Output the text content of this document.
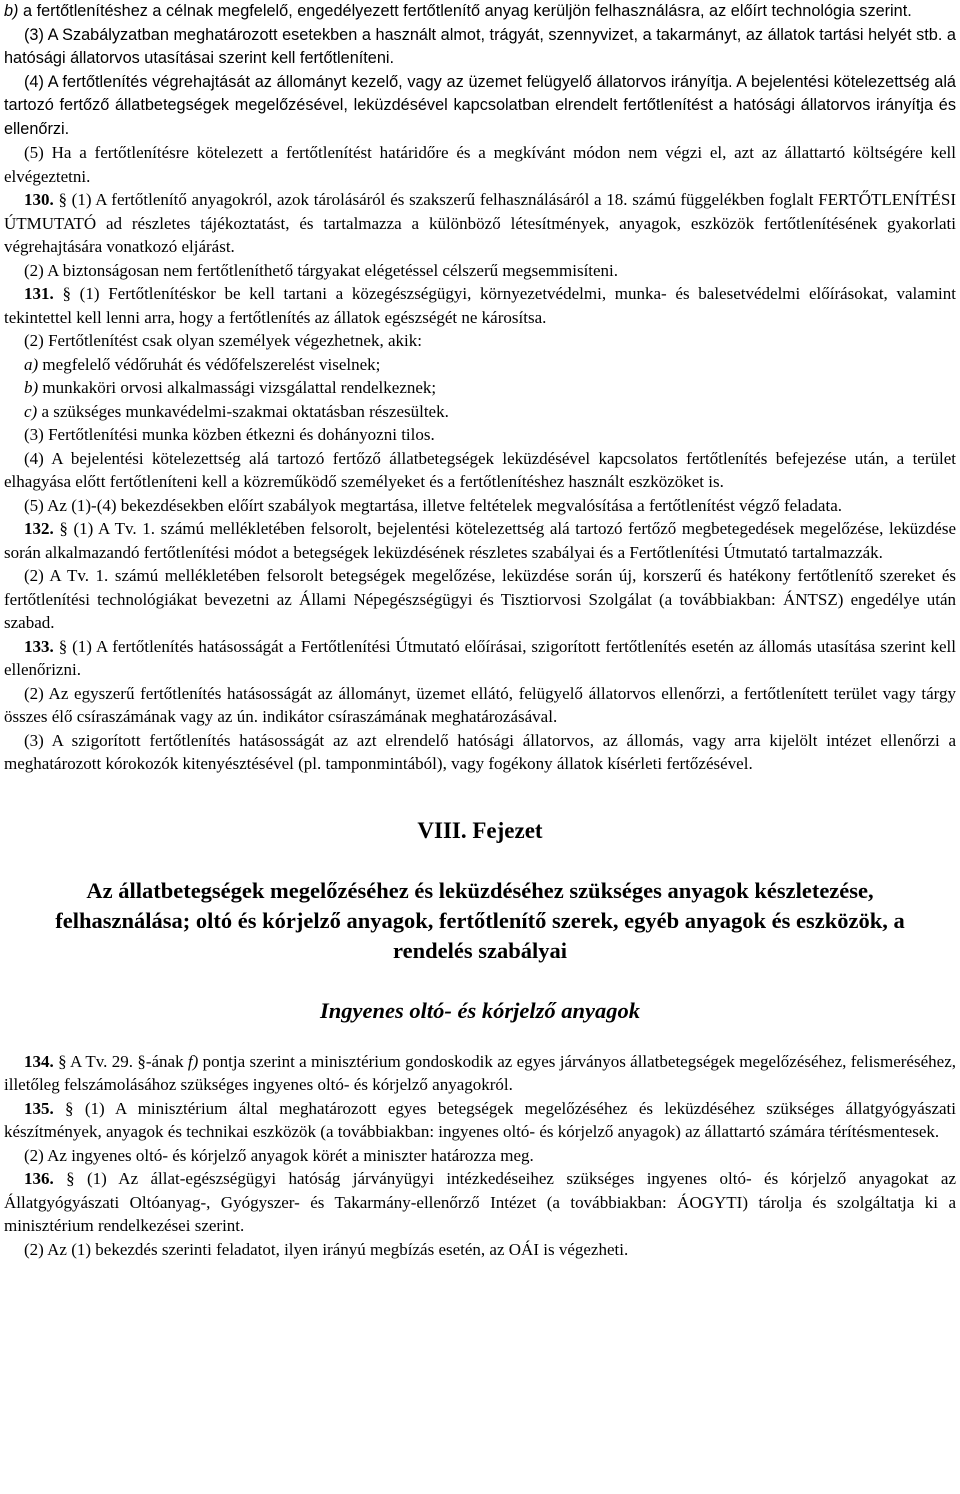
b) a fertőtlenítéshez a célnak megfelelő, engedélyezett fertőtlenítő anyag kerüljön felhasználásra, az előírt technológia szerint.

(3) A Szabályzatban meghatározott esetekben a használt almot, trágyát, szennyvizet, a takarmányt, az állatok tartási helyét stb. a hatósági állatorvos utasításai szerint kell fertőtleníteni.

(4) A fertőtlenítés végrehajtását az állományt kezelő, vagy az üzemet felügyelő állatorvos irányítja. A bejelentési kötelezettség alá tartozó fertőző állatbetegségek megelőzésével, leküzdésével kapcsolatban elrendelt fertőtlenítést a hatósági állatorvos irányítja és ellenőrzi.

(5) Ha a fertőtlenítésre kötelezett a fertőtlenítést határidőre és a megkívánt módon nem végzi el, azt az állattartó költségére kell elvégeztetni.

130. § (1) A fertőtlenítő anyagokról, azok tárolásáról és szakszerű felhasználásáról a 18. számú függelékben foglalt FERTŐTLENÍTÉSI ÚTMUTATÓ ad részletes tájékoztatást, és tartalmazza a különböző létesítmények, anyagok, eszközök fertőtlenítésének gyakorlati végrehajtására vonatkozó eljárást.

(2) A biztonságosan nem fertőtleníthető tárgyakat elégetéssel célszerű megsemmisíteni.

131. § (1) Fertőtlenítéskor be kell tartani a közegészségügyi, környezetvédelmi, munka- és balesetvédelmi előírásokat, valamint tekintettel kell lenni arra, hogy a fertőtlenítés az állatok egészségét ne károsítsa.

(2) Fertőtlenítést csak olyan személyek végezhetnek, akik:

a) megfelelő védőruhát és védőfelszerelést viselnek;

b) munkaköri orvosi alkalmassági vizsgálattal rendelkeznek;

c) a szükséges munkavédelmi-szakmai oktatásban részesültek.

(3) Fertőtlenítési munka közben étkezni és dohányozni tilos.

(4) A bejelentési kötelezettség alá tartozó fertőző állatbetegségek leküzdésével kapcsolatos fertőtlenítés befejezése után, a terület elhagyása előtt fertőtleníteni kell a közreműködő személyeket és a fertőtlenítéshez használt eszközöket is.

(5) Az (1)-(4) bekezdésekben előírt szabályok megtartása, illetve feltételek megvalósítása a fertőtlenítést végző feladata.

132. § (1) A Tv. 1. számú mellékletében felsorolt, bejelentési kötelezettség alá tartozó fertőző megbetegedések megelőzése, leküzdése során alkalmazandó fertőtlenítési módot a betegségek leküzdésének részletes szabályai és a Fertőtlenítési Útmutató tartalmazzák.

(2) A Tv. 1. számú mellékletében felsorolt betegségek megelőzése, leküzdése során új, korszerű és hatékony fertőtlenítő szereket és fertőtlenítési technológiákat bevezetni az Állami Népegészségügyi és Tisztiorvosi Szolgálat (a továbbiakban: ÁNTSZ) engedélye után szabad.

133. § (1) A fertőtlenítés hatásosságát a Fertőtlenítési Útmutató előírásai, szigorított fertőtlenítés esetén az állomás utasítása szerint kell ellenőrizni.

(2) Az egyszerű fertőtlenítés hatásosságát az állományt, üzemet ellátó, felügyelő állatorvos ellenőrzi, a fertőtlenített terület vagy tárgy összes élő csíraszámának vagy az ún. indikátor csíraszámának meghatározásával.

(3) A szigorított fertőtlenítés hatásosságát az azt elrendelő hatósági állatorvos, az állomás, vagy arra kijelölt intézet ellenőrzi a meghatározott kórokozók kitenyésztésével (pl. tamponmintából), vagy fogékony állatok kísérleti fertőzésével.

VIII. Fejezet
Az állatbetegségek megelőzéséhez és leküzdéséhez szükséges anyagok készletezése, felhasználása; oltó és kórjelző anyagok, fertőtlenítő szerek, egyéb anyagok és eszközök, a rendelés szabályai
Ingyenes oltó- és kórjelző anyagok

134. § A Tv. 29. §-ának f) pontja szerint a minisztérium gondoskodik az egyes járványos állatbetegségek megelőzéséhez, felismeréséhez, illetőleg felszámolásához szükséges ingyenes oltó- és kórjelző anyagokról.

135. § (1) A minisztérium által meghatározott egyes betegségek megelőzéséhez és leküzdéséhez szükséges állatgyógyászati készítmények, anyagok és technikai eszközök (a továbbiakban: ingyenes oltó- és kórjelző anyagok) az állattartó számára térítésmentesek.

(2) Az ingyenes oltó- és kórjelző anyagok körét a miniszter határozza meg.

136. § (1) Az állat-egészségügyi hatóság járványügyi intézkedéseihez szükséges ingyenes oltó- és kórjelző anyagokat az Állatgyógyászati Oltóanyag-, Gyógyszer- és Takarmány-ellenőrző Intézet (a továbbiakban: ÁOGYTI) tárolja és szolgáltatja ki a minisztérium rendelkezései szerint.

(2) Az (1) bekezdés szerinti feladatot, ilyen irányú megbízás esetén, az OÁI is végezheti.
